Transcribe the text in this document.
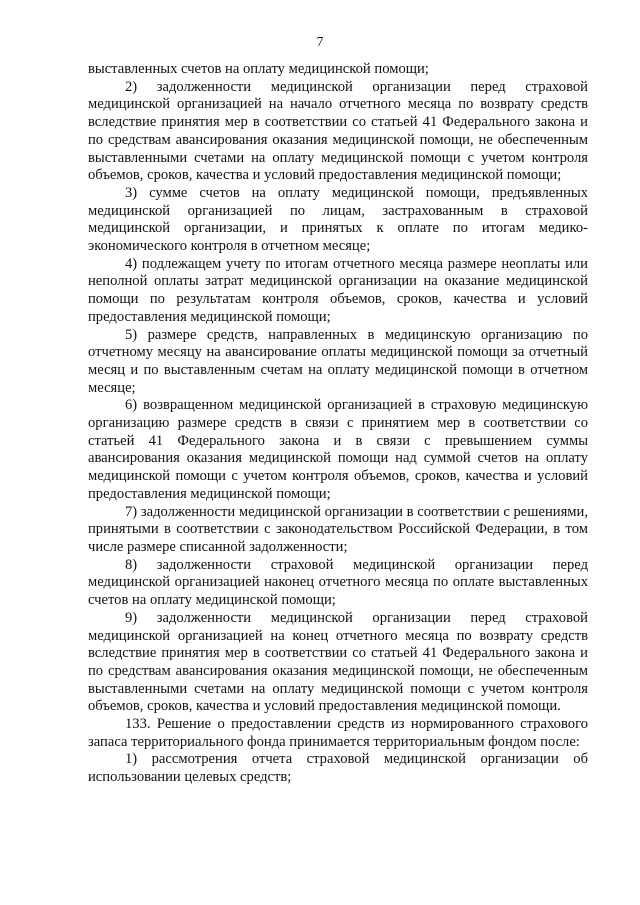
7

выставленных счетов на оплату медицинской помощи;

2) задолженности медицинской организации перед страховой медицинской организацией на начало отчетного месяца по возврату средств вследствие принятия мер в соответствии со статьей 41 Федерального закона и по средствам авансирования оказания медицинской помощи, не обеспеченным выставленными счетами на оплату медицинской помощи с учетом контроля объемов, сроков, качества и условий предоставления медицинской помощи;

3) сумме счетов на оплату медицинской помощи, предъявленных медицинской организацией по лицам, застрахованным в страховой медицинской организации, и принятых к оплате по итогам медико-экономического контроля в отчетном месяце;

4) подлежащем учету по итогам отчетного месяца размере неоплаты или неполной оплаты затрат медицинской организации на оказание медицинской помощи по результатам контроля объемов, сроков, качества и условий предоставления медицинской помощи;

5) размере средств, направленных в медицинскую организацию по отчетному месяцу на авансирование оплаты медицинской помощи за отчетный месяц и по выставленным счетам на оплату медицинской помощи в отчетном месяце;

6) возвращенном медицинской организацией в страховую медицинскую организацию размере средств в связи с принятием мер в соответствии со статьей 41 Федерального закона и в связи с превышением суммы авансирования оказания медицинской помощи над суммой счетов на оплату медицинской помощи с учетом контроля объемов, сроков, качества и условий предоставления медицинской помощи;

7) задолженности медицинской организации в соответствии с решениями, принятыми в соответствии с законодательством Российской Федерации, в том числе размере списанной задолженности;

8) задолженности страховой медицинской организации перед медицинской организацией наконец отчетного месяца по оплате выставленных счетов на оплату медицинской помощи;

9) задолженности медицинской организации перед страховой медицинской организацией на конец отчетного месяца по возврату средств вследствие принятия мер в соответствии со статьей 41 Федерального закона и по средствам авансирования оказания медицинской помощи, не обеспеченным выставленными счетами на оплату медицинской помощи с учетом контроля объемов, сроков, качества и условий предоставления медицинской помощи.

133. Решение о предоставлении средств из нормированного страхового запаса территориального фонда принимается территориальным фондом после:

1) рассмотрения отчета страховой медицинской организации об использовании целевых средств;
